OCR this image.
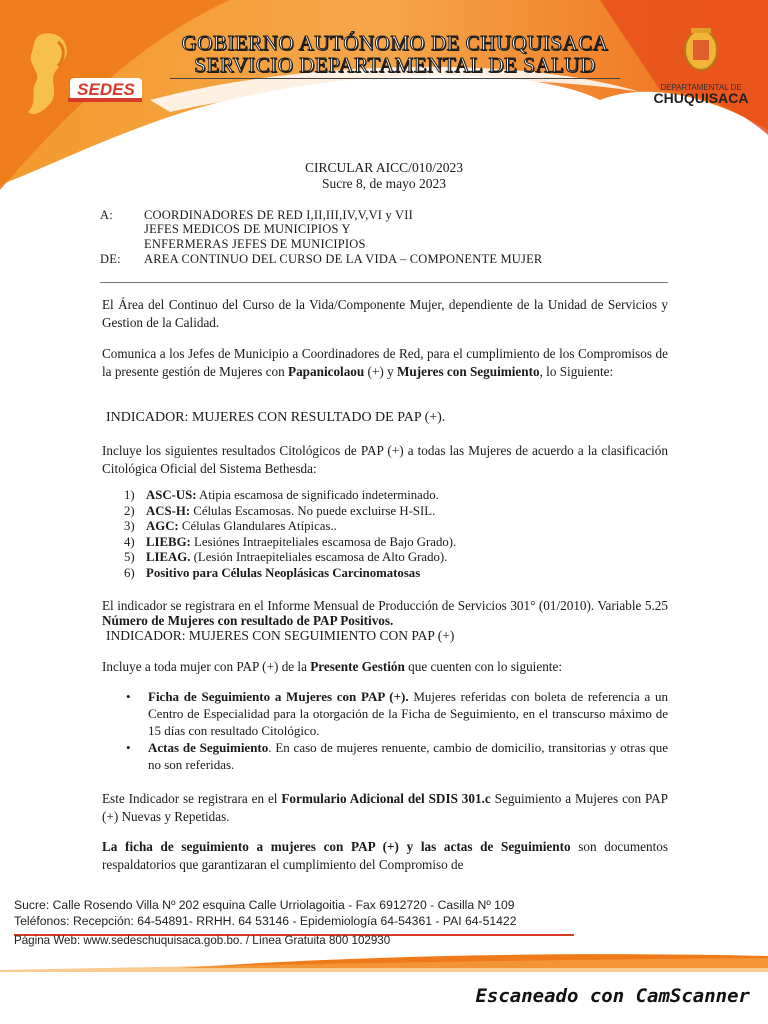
SEDES
GOBIERNO AUTÓNOMO DE CHUQUISACA
SERVICIO DEPARTAMENTAL DE SALUD
DEPARTAMENTAL DE
CHUQUISACA
CIRCULAR AICC/010/2023
Sucre 8, de mayo 2023
A: COORDINADORES DE RED I,II,III,IV,V,VI y VII
JEFES MEDICOS DE MUNICIPIOS Y
ENFERMERAS JEFES DE MUNICIPIOS
DE: AREA CONTINUO DEL CURSO DE LA VIDA – COMPONENTE MUJER
El Área del Continuo del Curso de la Vida/Componente Mujer, dependiente de la Unidad de Servicios y Gestion de la Calidad.
Comunica a los Jefes de Municipio a Coordinadores de Red, para el cumplimiento de los Compromisos de la presente gestión de Mujeres con Papanicolaou (+) y Mujeres con Seguimiento, lo Siguiente:
INDICADOR: MUJERES CON RESULTADO DE PAP (+).
Incluye los siguientes resultados Citológicos de PAP (+) a todas las Mujeres de acuerdo a la clasificación Citológica Oficial del Sistema Bethesda:
1) ASC-US: Atipia escamosa de significado indeterminado.
2) ACS-H: Células Escamosas. No puede excluirse H-SIL.
3) AGC: Células Glandulares Atípicas..
4) LIEBG: Lesiónes Intraepiteliales escamosa de Bajo Grado).
5) LIEAG. (Lesión Intraepiteliales escamosa de Alto Grado).
6) Positivo para Células Neoplásicas Carcinomatosas
El indicador se registrara en el Informe Mensual de Producción de Servicios 301° (01/2010). Variable 5.25 Número de Mujeres con resultado de PAP Positivos.
INDICADOR: MUJERES CON SEGUIMIENTO CON PAP (+)
Incluye a toda mujer con PAP (+) de la Presente Gestión que cuenten con lo siguiente:
• Ficha de Seguimiento a Mujeres con PAP (+). Mujeres referidas con boleta de referencia a un Centro de Especialidad para la otorgación de la Ficha de Seguimiento, en el transcurso máximo de 15 días con resultado Citológico.
• Actas de Seguimiento. En caso de mujeres renuente, cambio de domicilio, transitorias y otras que no son referidas.
Este Indicador se registrara en el Formulario Adicional del SDIS 301.c Seguimiento a Mujeres con PAP (+) Nuevas y Repetidas.
La ficha de seguimiento a mujeres con PAP (+) y las actas de Seguimiento son documentos respaldatorios que garantizaran el cumplimiento del Compromiso de
Sucre: Calle Rosendo Villa Nº 202 esquina Calle Urriolagoitia - Fax 6912720 - Casilla Nº 109
Teléfonos: Recepción: 64-54891- RRHH. 64 53146 - Epidemiología 64-54361 - PAI 64-51422
Página Web: www.sedeschuquisaca.gob.bo. / Línea Gratuita 800 102930
Escaneado con CamScanner
